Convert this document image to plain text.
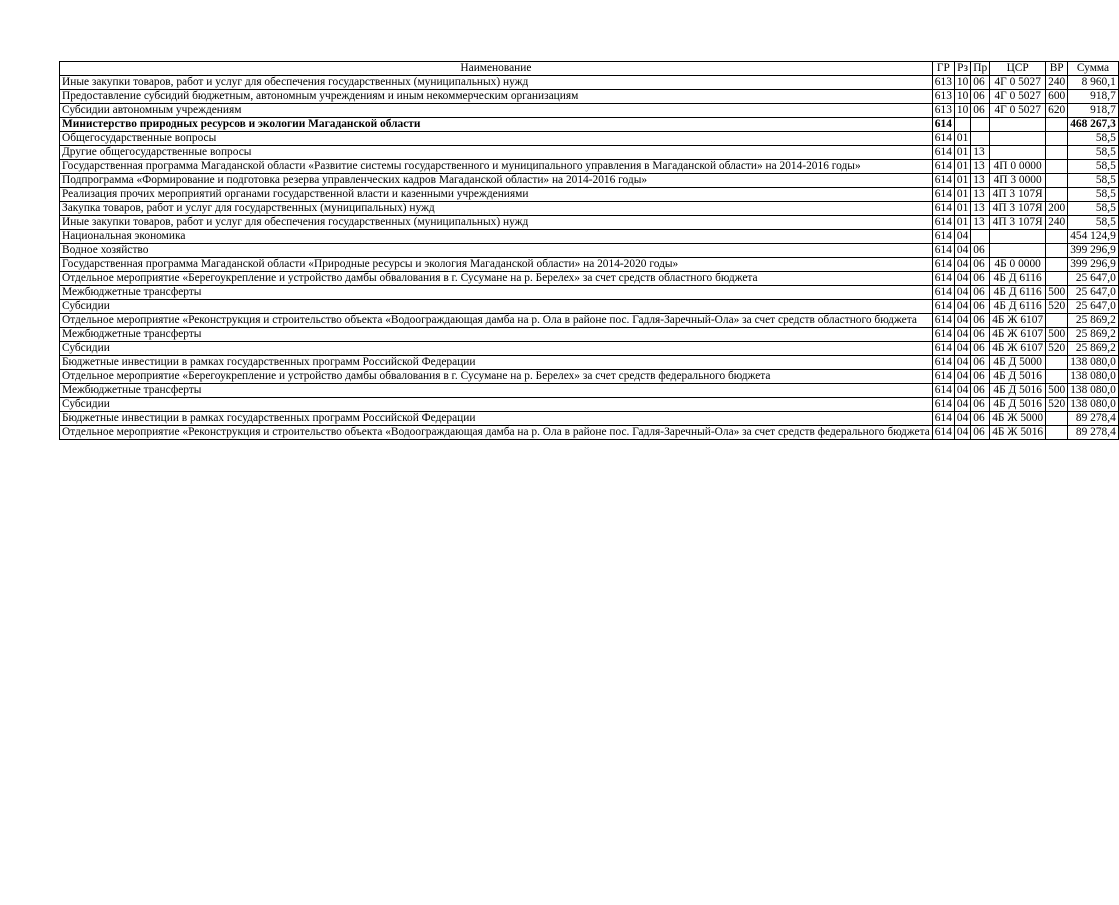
Наименование	ГР	Рз	Пр	ЦСР	ВР	Сумма
Иные закупки товаров, работ и услуг для обеспечения государственных (муниципальных) нужд	613	10	06	4Г 0 5027	240	8 960,1
Предоставление субсидий бюджетным, автономным учреждениям и иным некоммерческим организациям	613	10	06	4Г 0 5027	600	918,7
Субсидии автономным учреждениям	613	10	06	4Г 0 5027	620	918,7
Министерство природных ресурсов и экологии Магаданской области	614					468 267,3
Общегосударственные вопросы	614	01				58,5
Другие общегосударственные вопросы	614	01	13			58,5
Государственная программа Магаданской области «Развитие системы государственного и муниципального управления в Магаданской области» на 2014-2016 годы»	614	01	13	4П 0 0000		58,5
Подпрограмма «Формирование и подготовка резерва управленческих кадров Магаданской области» на 2014-2016 годы»	614	01	13	4П 3 0000		58,5
Реализация прочих мероприятий органами государственной власти и казенными учреждениями	614	01	13	4П 3 107Я		58,5
Закупка товаров, работ и услуг для государственных (муниципальных) нужд	614	01	13	4П 3 107Я	200	58,5
Иные закупки товаров, работ и услуг для обеспечения государственных (муниципальных) нужд	614	01	13	4П 3 107Я	240	58,5
Национальная экономика	614	04				454 124,9
Водное хозяйство	614	04	06			399 296,9
Государственная программа Магаданской области «Природные ресурсы и экология Магаданской области» на 2014-2020 годы»	614	04	06	4Б 0 0000		399 296,9
Отдельное мероприятие «Берегоукрепление и устройство дамбы обвалования в г. Сусумане на р. Берелех» за счет средств областного бюджета	614	04	06	4Б Д 6116		25 647,0
Межбюджетные трансферты	614	04	06	4Б Д 6116	500	25 647,0
Субсидии	614	04	06	4Б Д 6116	520	25 647,0
Отдельное мероприятие «Реконструкция и строительство объекта «Водоограждающая дамба на р. Ола в районе пос. Гадля-Заречный-Ола» за счет средств областного бюджета	614	04	06	4Б Ж 6107		25 869,2
Межбюджетные трансферты	614	04	06	4Б Ж 6107	500	25 869,2
Субсидии	614	04	06	4Б Ж 6107	520	25 869,2
Бюджетные инвестиции в рамках государственных программ Российской Федерации	614	04	06	4Б Д 5000		138 080,0
Отдельное мероприятие «Берегоукрепление и устройство дамбы обвалования в г. Сусумане на р. Берелех» за счет средств федерального бюджета	614	04	06	4Б Д 5016		138 080,0
Межбюджетные трансферты	614	04	06	4Б Д 5016	500	138 080,0
Субсидии	614	04	06	4Б Д 5016	520	138 080,0
Бюджетные инвестиции в рамках государственных программ Российской Федерации	614	04	06	4Б Ж 5000		89 278,4
Отдельное мероприятие «Реконструкция и строительство объекта «Водоограждающая дамба на р. Ола в районе пос. Гадля-Заречный-Ола» за счет средств федерального бюджета	614	04	06	4Б Ж 5016		89 278,4
